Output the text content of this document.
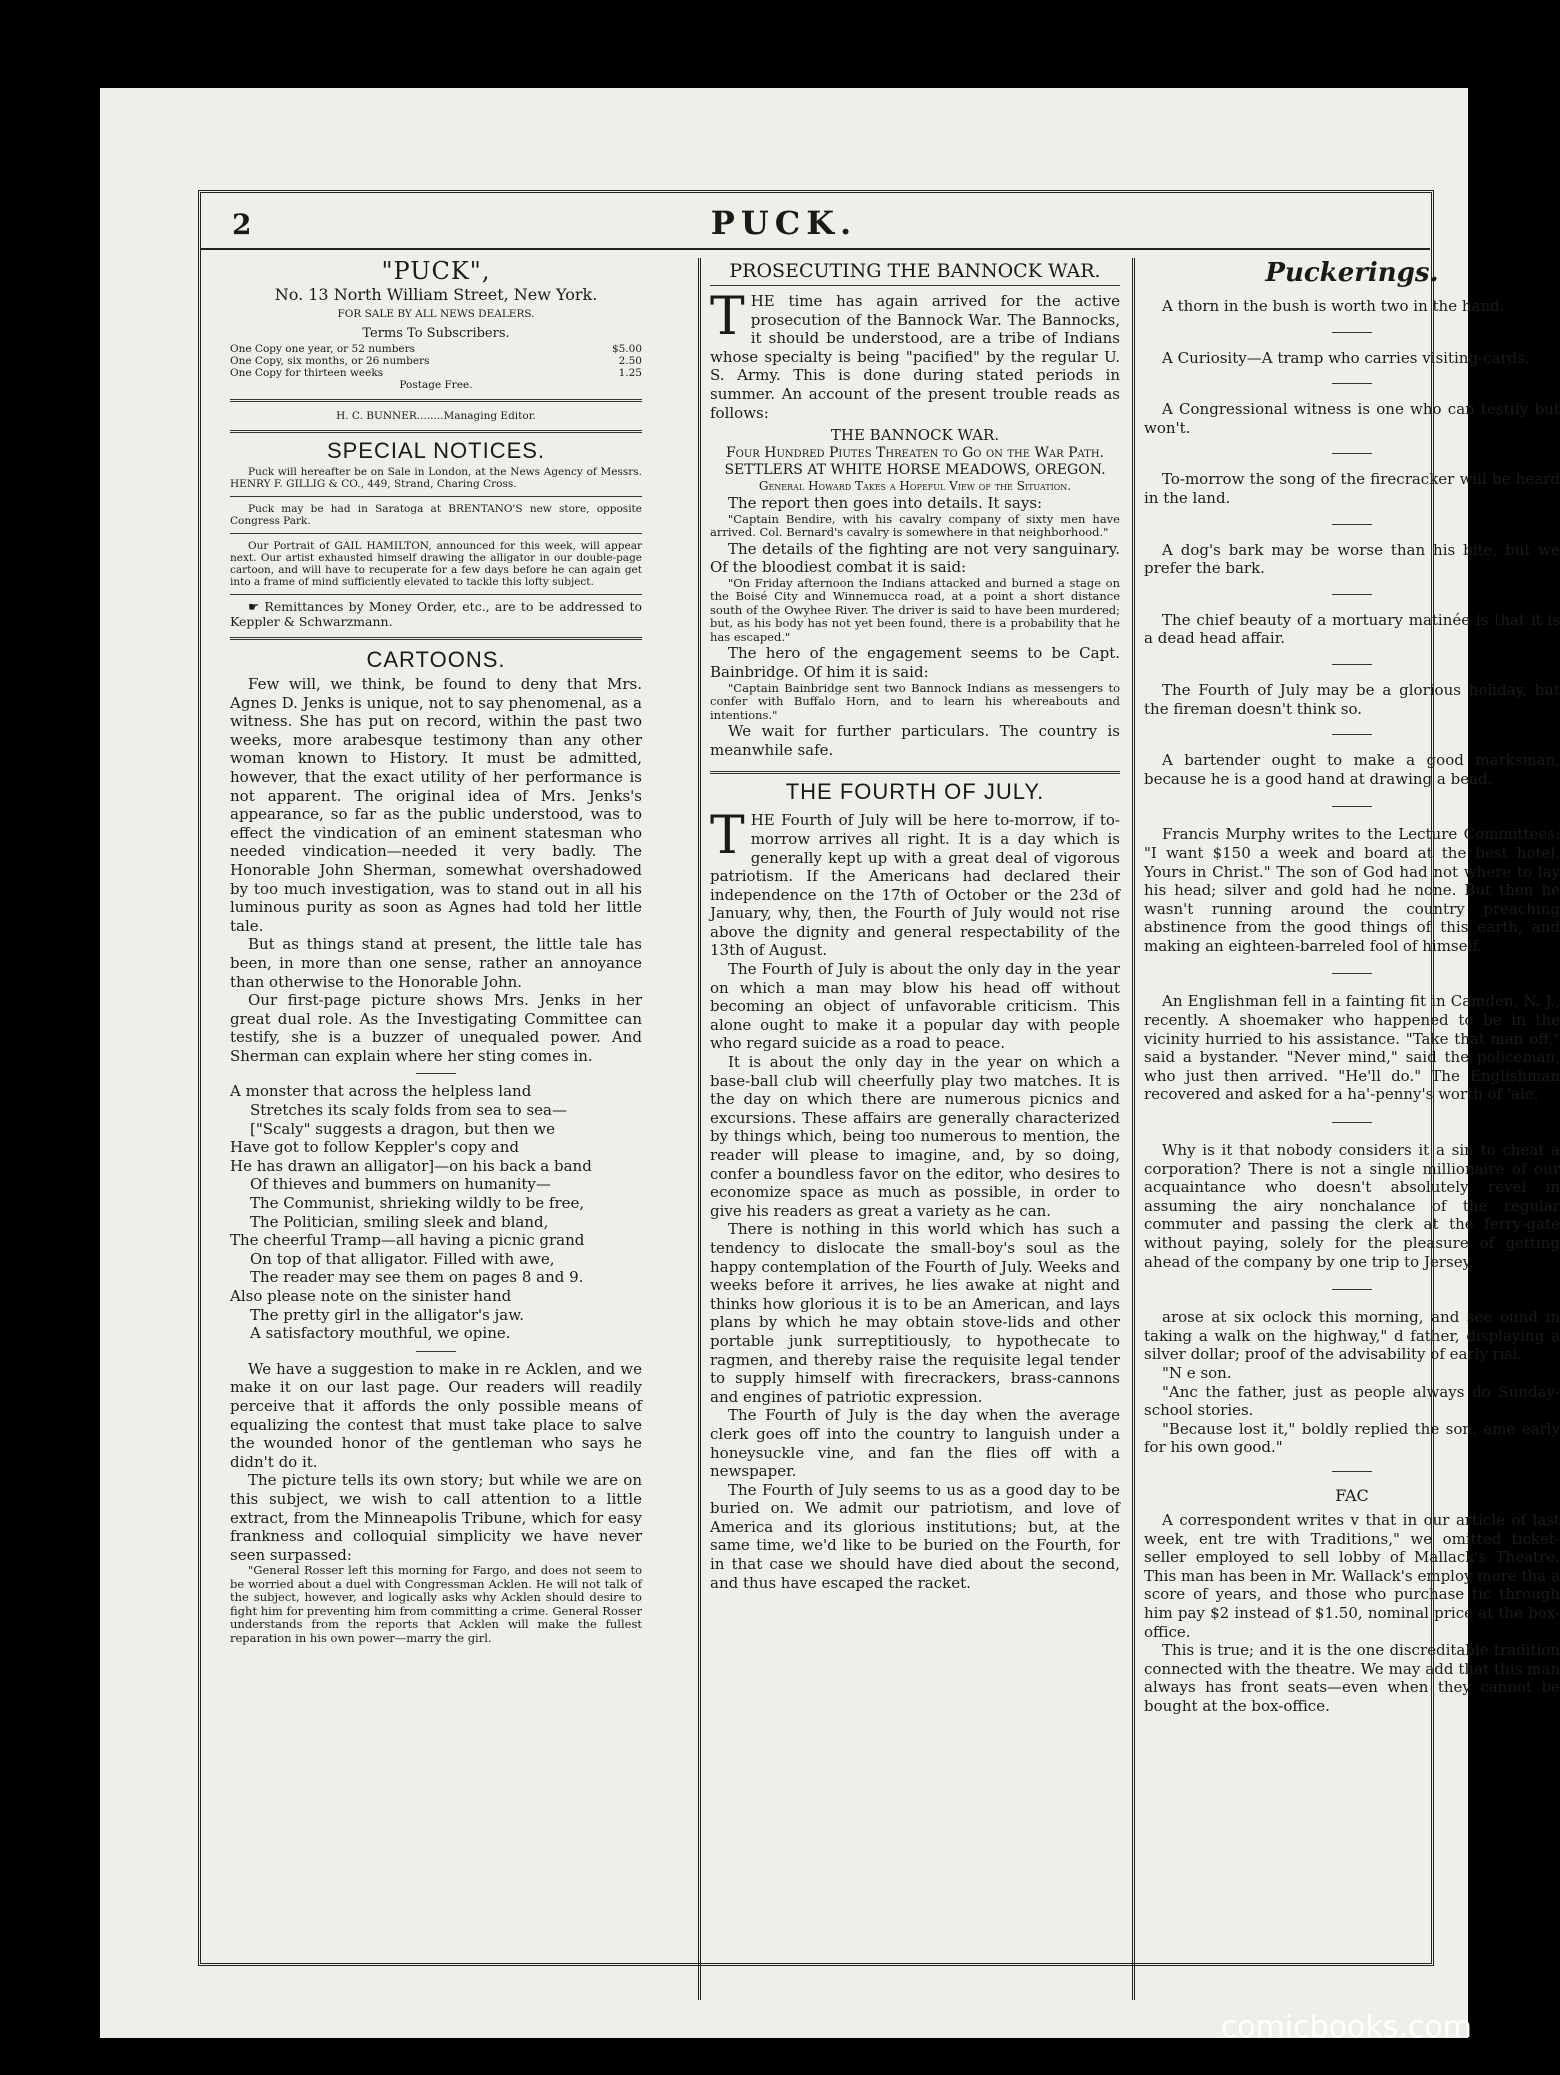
2	PUCK.
"PUCK",
No. 13 North William Street, New York.
FOR SALE BY ALL NEWS DEALERS.
Terms To Subscribers.
One Copy one year, or 52 numbers	$5.00
One Copy, six months, or 26 numbers	2.50
One Copy for thirteen weeks	1.25
Postage Free.
H. C. BUNNER........Managing Editor.
SPECIAL NOTICES.

Puck will hereafter be on Sale in London, at the News Agency of Messrs. HENRY F. GILLIG & CO., 449, Strand, Charing Cross.

Puck may be had in Saratoga at BRENTANO'S new store, opposite Congress Park.

Our Portrait of GAIL HAMILTON, announced for this week, will appear next. Our artist exhausted himself drawing the alligator in our double-page cartoon, and will have to recuperate for a few days before he can again get into a frame of mind sufficiently elevated to tackle this lofty subject.

☛ Remittances by Money Order, etc., are to be addressed to Keppler & Schwarzmann.

CARTOONS.

Few will, we think, be found to deny that Mrs. Agnes D. Jenks is unique, not to say phenomenal, as a witness. She has put on record, within the past two weeks, more arabesque testimony than any other woman known to History. It must be admitted, however, that the exact utility of her performance is not apparent. The original idea of Mrs. Jenks's appearance, so far as the public understood, was to effect the vindication of an eminent statesman who needed vindication—needed it very badly. The Honorable John Sherman, somewhat overshadowed by too much investigation, was to stand out in all his luminous purity as soon as Agnes had told her little tale.

But as things stand at present, the little tale has been, in more than one sense, rather an annoyance than otherwise to the Honorable John.

Our first-page picture shows Mrs. Jenks in her great dual role. As the Investigating Committee can testify, she is a buzzer of unequaled power. And Sherman can explain where her sting comes in.

A monster that across the helpless land

Stretches its scaly folds from sea to sea—

["Scaly" suggests a dragon, but then we

Have got to follow Keppler's copy and

He has drawn an alligator]—on his back a band

Of thieves and bummers on humanity—

The Communist, shrieking wildly to be free,

The Politician, smiling sleek and bland,

The cheerful Tramp—all having a picnic grand

On top of that alligator. Filled with awe,

The reader may see them on pages 8 and 9.

Also please note on the sinister hand

The pretty girl in the alligator's jaw.

A satisfactory mouthful, we opine.

We have a suggestion to make in re Acklen, and we make it on our last page. Our readers will readily perceive that it affords the only possible means of equalizing the contest that must take place to salve the wounded honor of the gentleman who says he didn't do it.

The picture tells its own story; but while we are on this subject, we wish to call attention to a little extract, from the Minneapolis Tribune, which for easy frankness and colloquial simplicity we have never seen surpassed:

"General Rosser left this morning for Fargo, and does not seem to be worried about a duel with Congressman Acklen. He will not talk of the subject, however, and logically asks why Acklen should desire to fight him for preventing him from committing a crime. General Rosser understands from the reports that Acklen will make the fullest reparation in his own power—marry the girl.

PROSECUTING THE BANNOCK WAR.

THE time has again arrived for the active prosecution of the Bannock War. The Bannocks, it should be understood, are a tribe of Indians whose specialty is being "pacified" by the regular U. S. Army. This is done during stated periods in summer. An account of the present trouble reads as follows:

THE BANNOCK WAR.
Four Hundred Piutes Threaten to Go on the War Path.
SETTLERS AT WHITE HORSE MEADOWS, OREGON.
General Howard Takes a Hopeful View of the Situation.

The report then goes into details. It says:

"Captain Bendire, with his cavalry company of sixty men have arrived. Col. Bernard's cavalry is somewhere in that neighborhood."

The details of the fighting are not very sanguinary. Of the bloodiest combat it is said:

"On Friday afternoon the Indians attacked and burned a stage on the Boisé City and Winnemucca road, at a point a short distance south of the Owyhee River. The driver is said to have been murdered; but, as his body has not yet been found, there is a probability that he has escaped."

The hero of the engagement seems to be Capt. Bainbridge. Of him it is said:

"Captain Bainbridge sent two Bannock Indians as messengers to confer with Buffalo Horn, and to learn his whereabouts and intentions."

We wait for further particulars. The country is meanwhile safe.

THE FOURTH OF JULY.

THE Fourth of July will be here to-morrow, if to-morrow arrives all right. It is a day which is generally kept up with a great deal of vigorous patriotism. If the Americans had declared their independence on the 17th of October or the 23d of January, why, then, the Fourth of July would not rise above the dignity and general respectability of the 13th of August.

The Fourth of July is about the only day in the year on which a man may blow his head off without becoming an object of unfavorable criticism. This alone ought to make it a popular day with people who regard suicide as a road to peace.

It is about the only day in the year on which a base-ball club will cheerfully play two matches. It is the day on which there are numerous picnics and excursions. These affairs are generally characterized by things which, being too numerous to mention, the reader will please to imagine, and, by so doing, confer a boundless favor on the editor, who desires to economize space as much as possible, in order to give his readers as great a variety as he can.

There is nothing in this world which has such a tendency to dislocate the small-boy's soul as the happy contemplation of the Fourth of July. Weeks and weeks before it arrives, he lies awake at night and thinks how glorious it is to be an American, and lays plans by which he may obtain stove-lids and other portable junk surreptitiously, to hypothecate to ragmen, and thereby raise the requisite legal tender to supply himself with firecrackers, brass-cannons and engines of patriotic expression.

The Fourth of July is the day when the average clerk goes off into the country to languish under a honeysuckle vine, and fan the flies off with a newspaper.

The Fourth of July seems to us as a good day to be buried on. We admit our patriotism, and love of America and its glorious institutions; but, at the same time, we'd like to be buried on the Fourth, for in that case we should have died about the second, and thus have escaped the racket.

Puckerings.

A thorn in the bush is worth two in the hand.

A Curiosity—A tramp who carries visiting-cards.

A Congressional witness is one who can testify but won't.

To-morrow the song of the firecracker will be heard in the land.

A dog's bark may be worse than his bite, but we prefer the bark.

The chief beauty of a mortuary matinée is that it is a dead head affair.

The Fourth of July may be a glorious holiday, but the fireman doesn't think so.

A bartender ought to make a good marksman, because he is a good hand at drawing a bead.

Francis Murphy writes to the Lecture Committees: "I want $150 a week and board at the best hotel. Yours in Christ." The son of God had not where to lay his head; silver and gold had he none. But then he wasn't running around the country preaching abstinence from the good things of this earth, and making an eighteen-barreled fool of himself.

An Englishman fell in a fainting fit in Camden, N. J., recently. A shoemaker who happened to be in the vicinity hurried to his assistance. "Take that man off," said a bystander. "Never mind," said the policeman, who just then arrived. "He'll do." The Englishman recovered and asked for a ha'-penny's worth of 'ale.

Why is it that nobody considers it a sin to cheat a corporation? There is not a single millionaire of our acquaintance who doesn't absolutely revel in assuming the airy nonchalance of the regular commuter and passing the clerk at the ferry-gate without paying, solely for the pleasure of getting ahead of the company by one trip to Jersey.

arose at six oclock this morning, and see ound in taking a walk on the highway," d father, displaying a silver dollar; proof of the advisability of early risi.

"N e son.

"Anc the father, just as people always do Sunday-school stories.

"Because lost it," boldly replied the son, ame early for his own good."

FAC

A correspondent writes v that in our article of last week, ent tre with Traditions," we omitted ticket-seller employed to sell lobby of Mallack's Theatre. This man has been in Mr. Wallack's employ more tha a score of years, and those who purchase tic through him pay $2 instead of $1.50, nominal price at the box-office.

This is true; and it is the one discreditable tradition connected with the theatre. We may add that this man always has front seats—even when they cannot be bought at the box-office.

comicbooks.com
